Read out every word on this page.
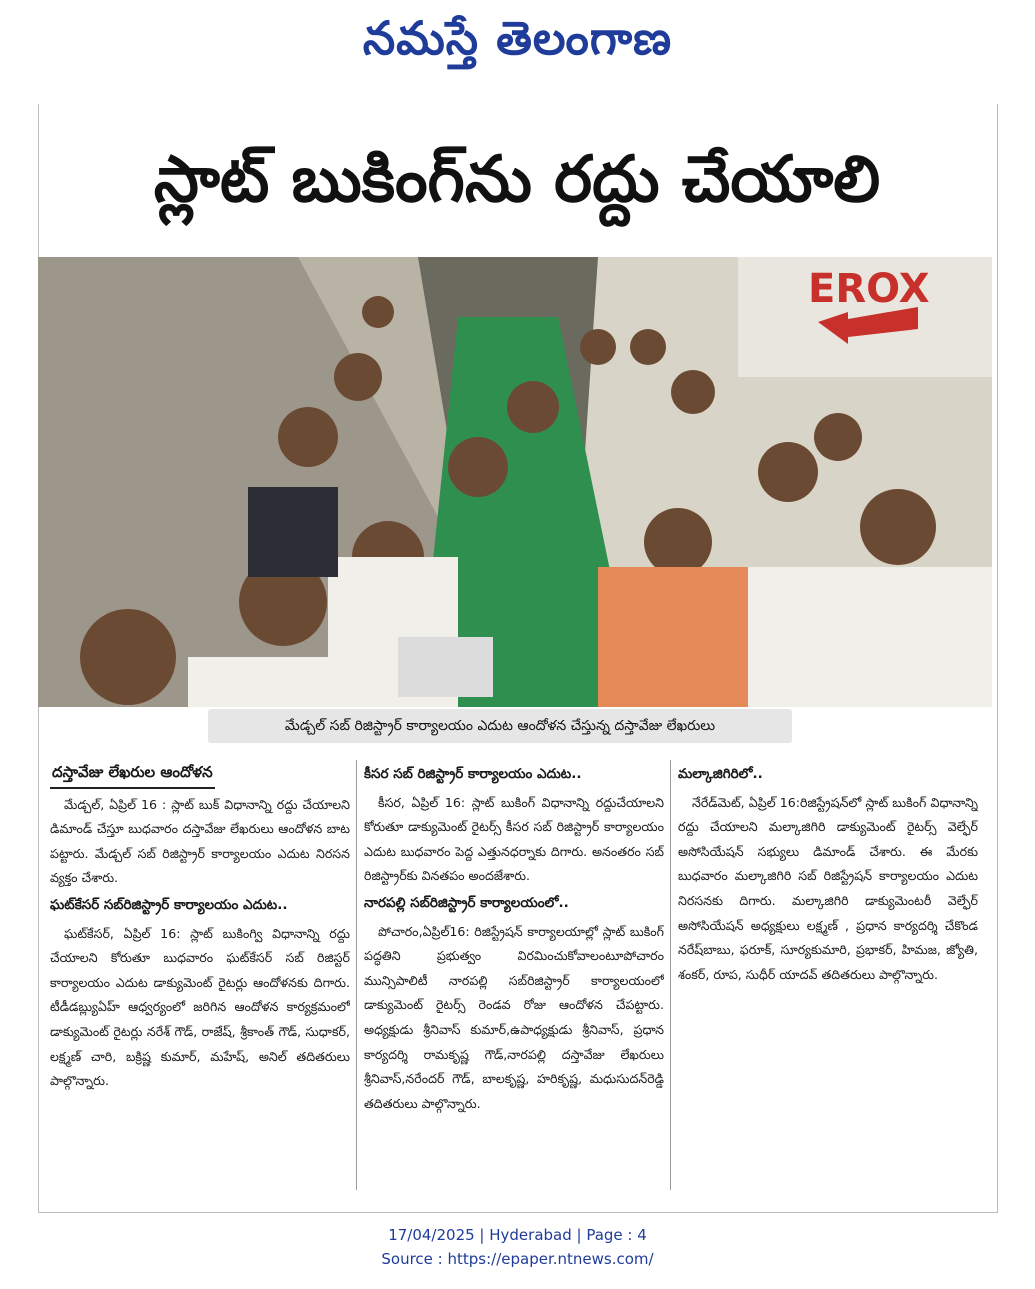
నమస్తే తెలంగాణ
స్లాట్ బుకింగ్‌ను రద్దు చేయాలి
EROX
మేడ్చల్ సబ్ రిజిస్ట్రార్ కార్యాలయం ఎదుట ఆందోళన చేస్తున్న దస్తావేజు లేఖరులు
దస్తావేజు లేఖరుల ఆందోళన

మేడ్చల్, ఏప్రిల్ 16 : స్లాట్ బుక్ విధానాన్ని రద్దు చేయాలని డిమాండ్ చేస్తూ బుధవారం దస్తావేజు లేఖరులు ఆందోళన బాట పట్టారు. మేడ్చల్ సబ్ రిజిస్ట్రార్ కార్యాలయం ఎదుట నిరసన వ్యక్తం చేశారు.

ఘట్‌కేసర్ సబ్‌రిజిస్ట్రార్ కార్యాలయం ఎదుట..

ఘట్‌కేసర్, ఏప్రిల్ 16: స్లాట్ బుకింగ్వి విధానాన్ని రద్దు చేయాలని కోరుతూ బుధవారం ఘట్‌కేసర్ సబ్ రిజిస్టర్ కార్యాలయం ఎదుట డాక్యుమెంట్ రైటర్లు ఆందోళనకు దిగారు. టీడీడబ్ల్యుఏహ్ ఆధ్వర్యంలో జరిగిన ఆందోళన కార్యక్రమంలో డాక్యుమెంట్ రైటర్లు నరేశ్ గౌడ్, రాజేష్, శ్రీకాంత్ గౌడ్, సుధాకర్, లక్ష్మణ్ చారి, బక్రిష్ణ కుమార్, మహేష్, అనిల్ తదితరులు పాల్గొన్నారు.

కీసర సబ్ రిజిస్ట్రార్ కార్యాలయం ఎదుట..

కీసర, ఏప్రిల్ 16: స్లాట్ బుకింగ్ విధానాన్ని రద్దుచేయాలని కోరుతూ డాక్యుమెంట్ రైటర్స్ కీసర సబ్ రిజిస్ట్రార్ కార్యాలయం ఎదుట బుధవారం పెద్ద ఎత్తునధర్నాకు దిగారు. అనంతరం సబ్ రిజిస్ట్రార్‌కు వినతపం అందజేశారు.

నారపల్లి సబ్‌రిజిస్ట్రార్ కార్యాలయంలో..

పోచారం,ఏప్రిల్16: రిజిస్ట్రేషన్ కార్యాలయాల్లో స్లాట్ బుకింగ్ పద్ధతిని ప్రభుత్వం విరమించుకోవాలంటూపోచారం మున్సిపాలిటీ నారపల్లి సబ్‌రిజిస్ట్రార్ కార్యాలయంలో డాక్యుమెంట్ రైటర్స్ రెండవ రోజు ఆందోళన చేపట్టారు. అధ్యక్షుడు శ్రీనివాస్ కుమార్,ఉపాధ్యక్షుడు శ్రీనివాస్, ప్రధాన కార్యదర్శి రామకృష్ణ గౌడ్,నారపల్లి దస్తావేజు లేఖరులు శ్రీనివాస్,నరేందర్ గౌడ్, బాలకృష్ణ, హరికృష్ణ, మధుసుదన్‌రెడ్డి తదితరులు పాల్గొన్నారు.

మల్కాజిగిరిలో..

నేరేడ్‌మెట్, ఏప్రిల్ 16:రిజిస్ట్రేషన్‌లో స్లాట్ బుకింగ్ విధానాన్ని రద్దు చేయాలని మల్కాజిగిరి డాక్యుమెంట్ రైటర్స్ వెల్ఫేర్ అసోసియేషన్ సభ్యులు డిమాండ్ చేశారు. ఈ మేరకు బుధవారం మల్కాజిగిరి సబ్ రిజిస్ట్రేషన్ కార్యాలయం ఎదుట నిరసనకు దిగారు. మల్కాజిగిరి డాక్యుమెంటరీ వెల్ఫేర్ అసోసియేషన్ అధ్యక్షులు లక్ష్మణ్ , ప్రధాన కార్యదర్శి చేకొండ నరేష్‌బాబు, ఫరూక్, సూర్యకుమారి, ప్రభాకర్, హిమజ, జ్యోతి, శంకర్, రూప, సుధీర్ యాదవ్ తదితరులు పాల్గొన్నారు.

17/04/2025 | Hyderabad | Page : 4
Source : https://epaper.ntnews.com/
